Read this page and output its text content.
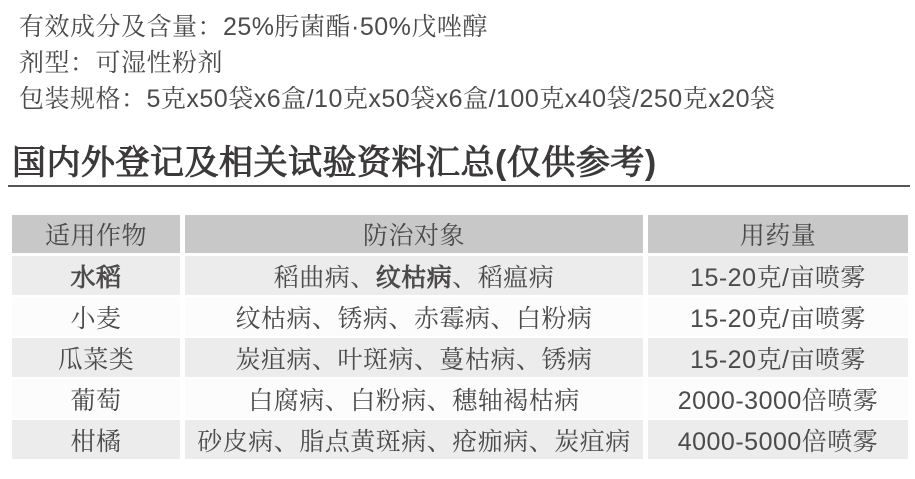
有效成分及含量：25%肟菌酯·50%戊唑醇
剂型：可湿性粉剂
包装规格：5克x50袋x6盒/10克x50袋x6盒/100克x40袋/250克x20袋
国内外登记及相关试验资料汇总(仅供参考)
适用作物	防治对象	用药量
水稻	稻曲病、 纹枯病 、稻瘟病	15-20克/亩喷雾
小麦	纹枯病、锈病、赤霉病、白粉病	15-20克/亩喷雾
瓜菜类	炭疽病、叶斑病、蔓枯病、锈病	15-20克/亩喷雾
葡萄	白腐病、白粉病、穗轴褐枯病	2000-3000倍喷雾
柑橘	砂皮病、脂点黄斑病、疮痂病、炭疽病	4000-5000倍喷雾
